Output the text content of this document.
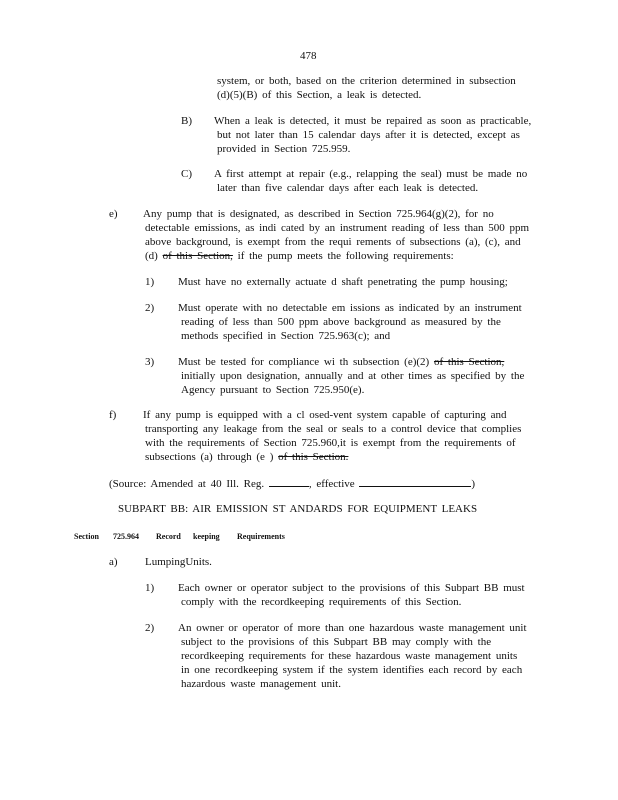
478
system, or both, based on the criterion determined in subsection
(d)(5)(B) of this Section, a leak is detected.
B) When a leak is detected, it must be repaired as soon as practicable,
but not later than 15 calendar days after it is detected, except as
provided in Section 725.959.
C) A first attempt at repair (e.g., relapping the seal) must be made no
later than five calendar days after each leak is detected.
e) Any pump that is designated, as described in Section 725.964(g)(2), for no
detectable emissions, as indi cated by an instrument reading of less than 500 ppm
above background, is exempt from the requi rements of subsections (a), (c), and
(d) of this Section, if the pump meets the following requirements:
1) Must have no externally actuate d shaft penetrating the pump housing;
2) Must operate with no detectable em issions as indicated by an instrument
reading of less than 500 ppm above background as measured by the
methods specified in Section 725.963(c); and
3) Must be tested for compliance wi th subsection (e)(2) of this Section,
initially upon designation, annually and at other times as specified by the
Agency pursuant to Section 725.950(e).
f) If any pump is equipped with a cl osed-vent system capable of capturing and
transporting any leakage from the seal or seals to a control device that complies
with the requirements of Section 725.960,it is exempt from the requirements of
subsections (a) through (e ) of this Section.
(Source: Amended at 40 Ill. Reg.	, effective	)
SUBPART BB: AIR EMISSION ST ANDARDS FOR EQUIPMENT LEAKS
Section 725.964 Record keeping Requirements
a) LumpingUnits.
1) Each owner or operator subject to the provisions of this Subpart BB must
comply with the recordkeeping requirements of this Section.
2) An owner or operator of more than one hazardous waste management unit
subject to the provisions of this Subpart BB may comply with the
recordkeeping requirements for these hazardous waste management units
in one recordkeeping system if the system identifies each record by each
hazardous waste management unit.
